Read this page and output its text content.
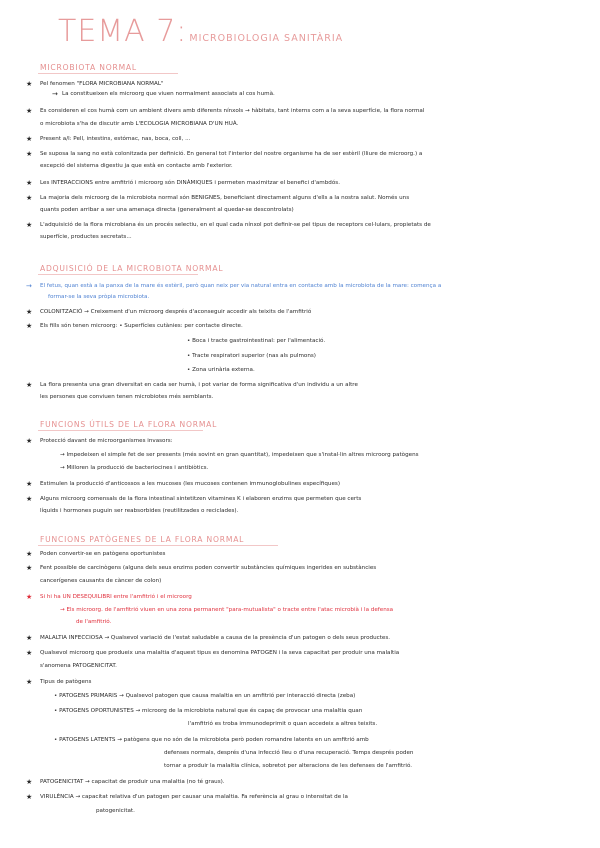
TEMA 7: MICROBIOLOGIA SANITÀRIA
MICROBIOTA NORMAL
★ Pel fenomen "FLORA MICROBIANA NORMAL"
→ La constitueixen els microorg que viuen normalment associats al cos humà.
★ Es consideren el cos humà com un ambient divers amb diferents nínxols → hàbitats, tant interns com a la seva superfície, la flora normal
o microbiota s'ha de discutir amb L'ECOLOGIA MICROBIANA D'UN HUÀ.
★ Present a/l: Pell, intestins, estómac, nas, boca, coll, ...
★ Se suposa la sang no està colonitzada per definició. En general tot l'interior del nostre organisme ha de ser estèril (lliure de microorg.) a
excepció del sistema digestiu ja que està en contacte amb l'exterior.
★ Les INTERACCIONS entre amfitrió i microorg són DINÀMIQUES i permeten maximitzar el benefici d'ambdós.
★ La majoria dels microorg de la microbiota normal són BENIGNES, beneficiant directament alguns d'ells a la nostra salut. Només uns
quants poden arribar a ser una amenaça directa (generalment al quedar-se descontrolats)
★ L'adquisició de la flora microbiana és un procés selectiu, en el qual cada nínxol pot definir-se pel tipus de receptors cel·lulars, propietats de
superfície, productes secretats...
ADQUISICIÓ DE LA MICROBIOTA NORMAL
→ El fetus, quan està a la panxa de la mare és estèril, però quan neix per via natural entra en contacte amb la microbiota de la mare: comença a
formar-se la seva pròpia microbiota.
★ COLONITZACIÓ → Creixement d'un microorg després d'aconseguir accedir als teixits de l'amfitrió
★ Els fills són tenen microorg: • Superfícies cutànies: per contacte directe.
• Boca i tracte gastrointestinal: per l'alimentació.
• Tracte respiratori superior (nas als pulmons)
• Zona urinària externa.
★ La flora presenta una gran diversitat en cada ser humà, i pot variar de forma significativa d'un individu a un altre
les persones que conviuen tenen microbiotes més semblants.
FUNCIONS ÚTILS DE LA FLORA NORMAL
★ Protecció davant de microorganismes invasors:
→ Impedeixen el simple fet de ser presents (més sovint en gran quantitat), impedeixen que s'instal·lin altres microorg patògens
→ Milloren la producció de bacteriocines i antibiòtics.
★ Estimulen la producció d'anticossos a les mucoses (les mucoses contenen immunoglobulines específiques)
★ Alguns microorg comensals de la flora intestinal sintetitzen vitamines K i elaboren enzims que permeten que certs
líquids i hormones puguin ser reabsorbides (reutilitzades o reciclades).
FUNCIONS PATÒGENES DE LA FLORA NORMAL
★ Poden convertir-se en patògens oportunistes
★ Fent possible de carcinògens (alguns dels seus enzims poden convertir substàncies químiques ingerides en substàncies
cancerígenes causants de càncer de colon)
★ Si hi ha UN DESEQUILIBRI entre l'amfitrió i el microorg
→ Els microorg. de l'amfitrió viuen en una zona permanent "para-mutualista" o tracte entre l'atac microbià i la defensa
de l'amfitrió.
★ MALALTIA INFECCIOSA → Qualsevol variació de l'estat saludable a causa de la presència d'un patogen o dels seus productes.
★ Qualsevol microorg que produeix una malaltia d'aquest tipus es denomina PATOGEN i la seva capacitat per produir una malaltia
s'anomena PATOGENICITAT.
★ Tipus de patògens
• PATOGENS PRIMARIS → Qualsevol patogen que causa malaltia en un amfitrió per interacció directa (zeba)
• PATOGENS OPORTUNISTES → microorg de la microbiota natural que és capaç de provocar una malaltia quan
l'amfitrió es troba immunodeprimit o quan accedeix a altres teixits.
• PATOGENS LATENTS → patògens que no són de la microbiota però poden romandre latents en un amfitrió amb
defenses normals, després d'una infecció lleu o d'una recuperació. Temps després poden
tornar a produir la malaltia clínica, sobretot per alteracions de les defenses de l'amfitrió.
★ PATOGENICITAT → capacitat de produir una malaltia (no té graus).
★ VIRULÈNCIA → capacitat relativa d'un patogen per causar una malaltia. Fa referència al grau o intensitat de la
patogenicitat.
